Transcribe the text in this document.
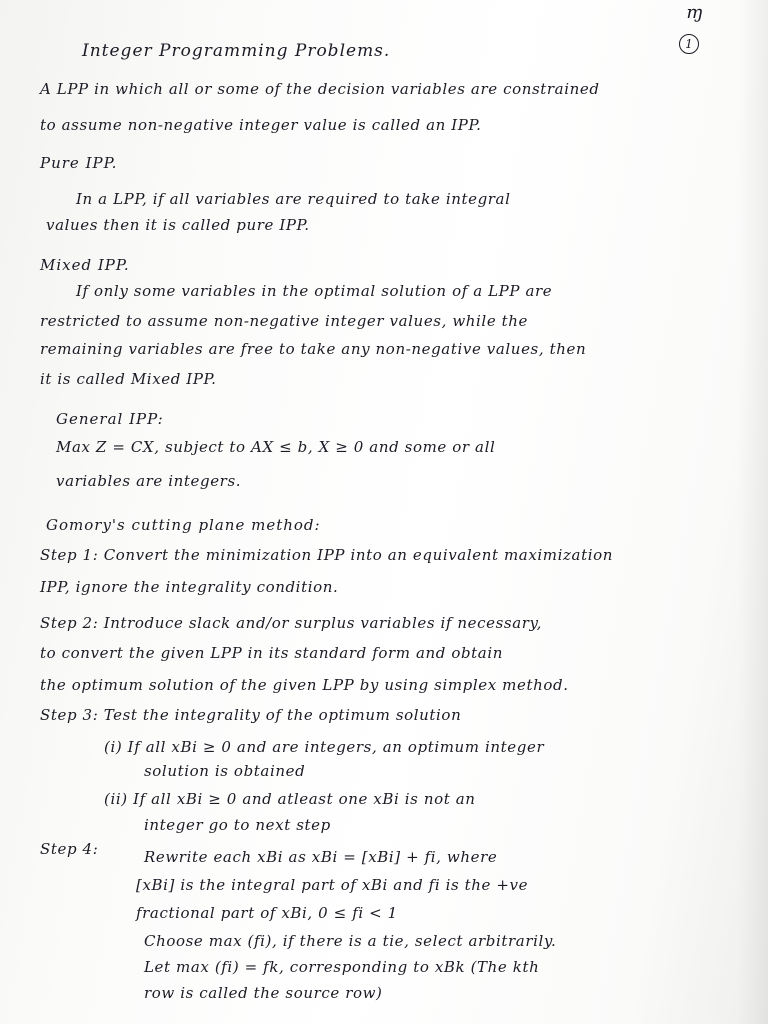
ɱ
1
Integer Programming Problems.
A LPP in which all or some of the decision variables are constrained
to assume non-negative integer value is called an IPP.
Pure IPP.
In a LPP, if all variables are required to take integral
values then it is called pure IPP.
Mixed IPP.
If only some variables in the optimal solution of a LPP are
restricted to assume non-negative integer values, while the
remaining variables are free to take any non-negative values, then
it is called Mixed IPP.
General IPP:
Max Z = CX, subject to AX ≤ b, X ≥ 0 and some or all
variables are integers.
Gomory's cutting plane method:
Step 1: Convert the minimization IPP into an equivalent maximization
IPP, ignore the integrality condition.
Step 2: Introduce slack and/or surplus variables if necessary,
to convert the given LPP in its standard form and obtain
the optimum solution of the given LPP by using simplex method.
Step 3: Test the integrality of the optimum solution
(i) If all xBi ≥ 0 and are integers, an optimum integer
solution is obtained
(ii) If all xBi ≥ 0 and atleast one xBi is not an
integer go to next step
Step 4:	Rewrite each xBi as xBi = [xBi] + fi, where
[xBi] is the integral part of xBi and fi is the +ve
fractional part of xBi, 0 ≤ fi < 1
Choose max (fi), if there is a tie, select arbitrarily.
Let max (fi) = fk, corresponding to xBk (The kth
row is called the source row)
